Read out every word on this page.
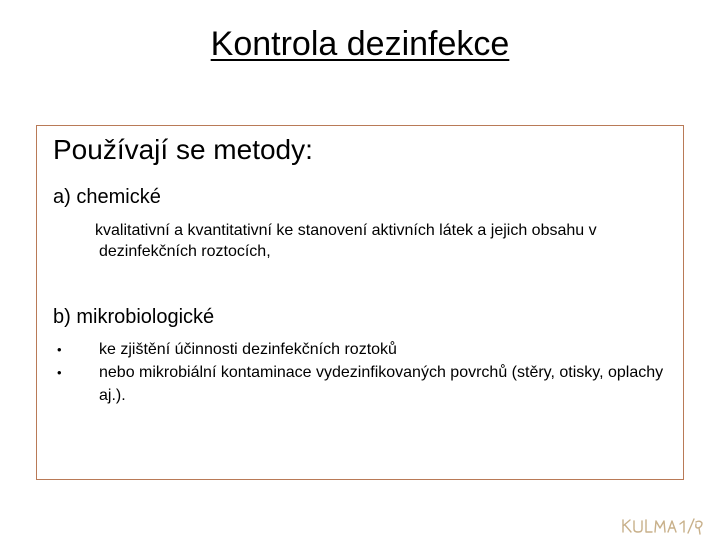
Kontrola dezinfekce
Používají se metody:
a) chemické
kvalitativní a kvantitativní ke stanovení aktivních látek a jejich obsahu v
dezinfekčních roztocích,
b) mikrobiologické
• ke zjištění účinnosti dezinfekčních roztoků
• nebo mikrobiální kontaminace vydezinfikovaných povrchů (stěry, otisky, oplachy aj.).
